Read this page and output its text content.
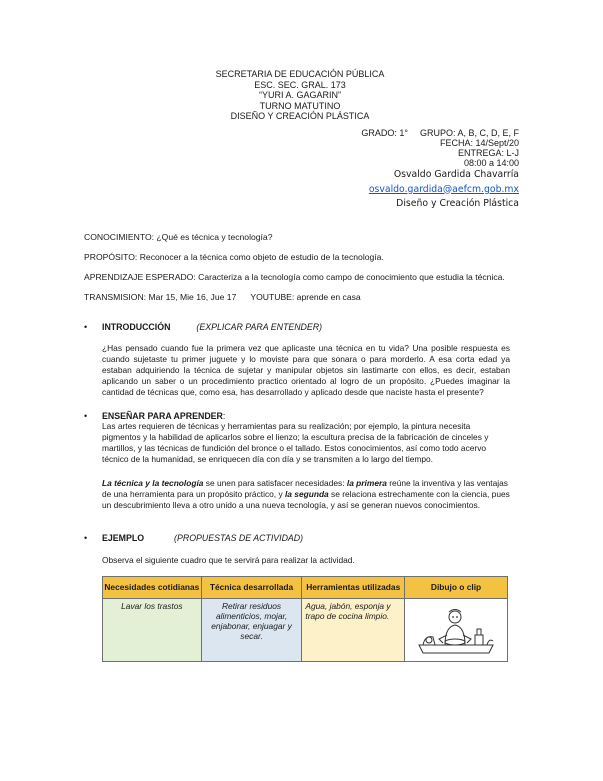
SECRETARIA DE EDUCACIÓN PÚBLICA
ESC. SEC. GRAL. 173
“YURI A. GAGARIN”
TURNO MATUTINO
DISEÑO Y CREACIÓN PLÁSTICA
GRADO: 1° GRUPO: A, B, C, D, E, F
FECHA: 14/Sept/20
ENTREGA: L-J
08:00 a 14:00
Osvaldo Gardida Chavarría
osvaldo.gardida@aefcm.gob.mx
Diseño y Creación Plástica
CONOCIMIENTO: ¿Qué es técnica y tecnología?
PROPÓSITO: Reconocer a la técnica como objeto de estudio de la tecnología.
APRENDIZAJE ESPERADO: Caracteriza a la tecnología como campo de conocimiento que estudia la técnica.
TRANSMISION: Mar 15, Mie 16, Jue 17 YOUTUBE: aprende en casa
• INTRODUCCIÓN	(EXPLICAR PARA ENTENDER)
¿Has pensado cuando fue la primera vez que aplicaste una técnica en tu vida? Una posible respuesta es cuando sujetaste tu primer juguete y lo moviste para que sonara o para morderlo. A esa corta edad ya estaban adquiriendo la técnica de sujetar y manipular objetos sin lastimarte con ellos, es decir, estaban aplicando un saber o un procedimiento practico orientado al logro de un propósito. ¿Puedes imaginar la cantidad de técnicas que, como esa, has desarrollado y aplicado desde que naciste hasta el presente?
• ENSEÑAR PARA APRENDER:
Las artes requieren de técnicas y herramientas para su realización; por ejemplo, la pintura necesita pigmentos y la habilidad de aplicarlos sobre el lienzo; la escultura precisa de la fabricación de cinceles y martillos, y las técnicas de fundición del bronce o el tallado. Estos conocimientos, así como todo acervo técnico de la humanidad, se enriquecen día con día y se transmiten a lo largo del tiempo.
La técnica y la tecnología se unen para satisfacer necesidades: la primera reúne la inventiva y las ventajas de una herramienta para un propósito práctico, y la segunda se relaciona estrechamente con la ciencia, pues un descubrimiento lleva a otro unido a una nueva tecnología, y así se generan nuevos conocimientos.
• EJEMPLO	(PROPUESTAS DE ACTIVIDAD)
Observa el siguiente cuadro que te servirá para realizar la actividad.
Necesidades cotidianas	Técnica desarrollada	Herramientas utilizadas	Dibujo o clip
Lavar los trastos	Retirar residuos alimenticios, mojar, enjabonar, enjuagar y secar.	Agua, jabón, esponja y trapo de cocina limpio.	
